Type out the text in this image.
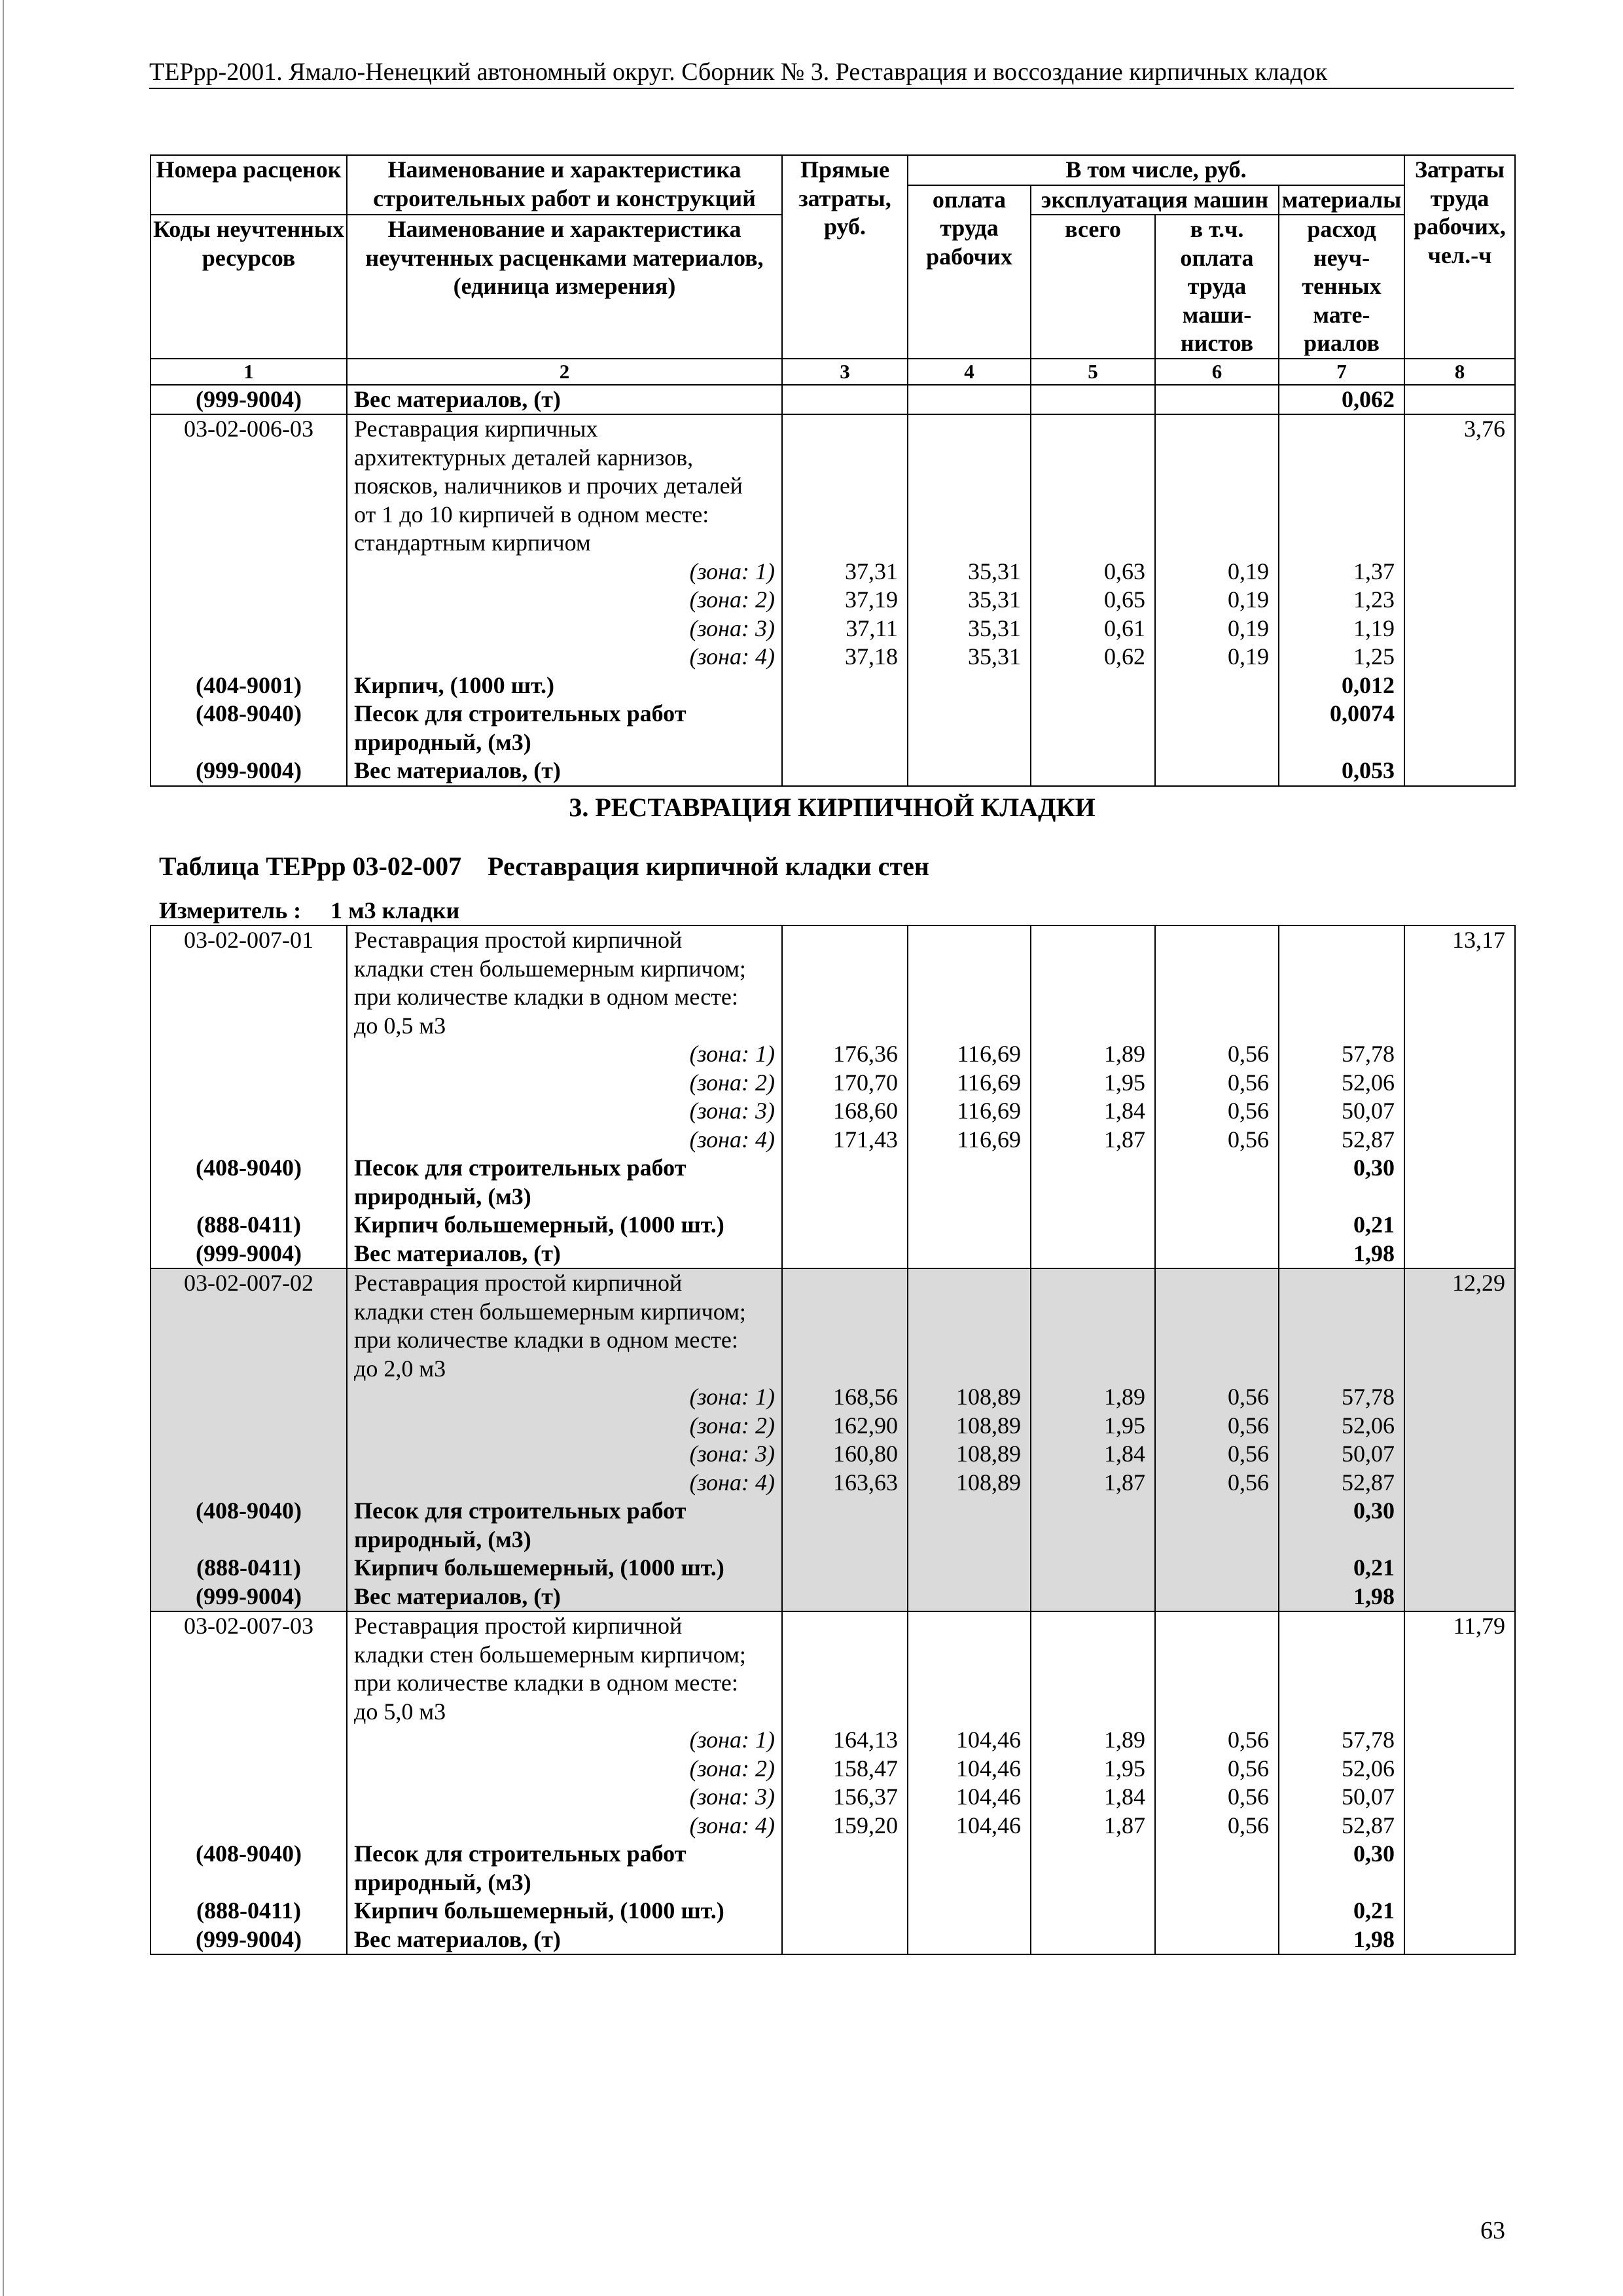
ТЕРрр-2001. Ямало-Ненецкий автономный округ. Сборник № 3. Реставрация и воссоздание кирпичных кладок
Номера расценок	Наименование и характеристика строительных работ и конструкций	Прямые затраты, руб.	В том числе, руб.				Затраты труда рабочих, чел.-ч
			оплата труда рабочих	эксплуатация машин		материалы	
Коды неучтенных ресурсов	Наименование и характеристика неучтенных расценками материалов, (единица измерения)			всего	в т.ч. оплата труда маши- нистов	расход неуч- тенных мате- риалов	
1	2	3	4	5	6	7	8
(999-9004)	Вес материалов, (т)					0,062	
03-02-006-03	Реставрация кирпичных						3,76
	архитектурных деталей карнизов,						
	поясков, наличников и прочих деталей						
	от 1 до 10 кирпичей в одном месте:						
	стандартным кирпичом						
	(зона: 1)	37,31	35,31	0,63	0,19	1,37	
	(зона: 2)	37,19	35,31	0,65	0,19	1,23	
	(зона: 3)	37,11	35,31	0,61	0,19	1,19	
	(зона: 4)	37,18	35,31	0,62	0,19	1,25	
(404-9001)	Кирпич, (1000 шт.)					0,012	
(408-9040)	Песок для строительных работ					0,0074	
	природный, (м3)						
(999-9004)	Вес материалов, (т)					0,053	
3. РЕСТАВРАЦИЯ КИРПИЧНОЙ КЛАДКИ
Таблица ТЕРрр 03-02-007    Реставрация кирпичной кладки стен
Измеритель :     1 м3 кладки
03-02-007-01	Реставрация простой кирпичной						13,17
	кладки стен большемерным кирпичом;						
	при количестве кладки в одном месте:						
	до 0,5 м3						
	(зона: 1)	176,36	116,69	1,89	0,56	57,78	
	(зона: 2)	170,70	116,69	1,95	0,56	52,06	
	(зона: 3)	168,60	116,69	1,84	0,56	50,07	
	(зона: 4)	171,43	116,69	1,87	0,56	52,87	
(408-9040)	Песок для строительных работ					0,30	
	природный, (м3)						
(888-0411)	Кирпич большемерный, (1000 шт.)					0,21	
(999-9004)	Вес материалов, (т)					1,98	
03-02-007-02	Реставрация простой кирпичной						12,29
	кладки стен большемерным кирпичом;						
	при количестве кладки в одном месте:						
	до 2,0 м3						
	(зона: 1)	168,56	108,89	1,89	0,56	57,78	
	(зона: 2)	162,90	108,89	1,95	0,56	52,06	
	(зона: 3)	160,80	108,89	1,84	0,56	50,07	
	(зона: 4)	163,63	108,89	1,87	0,56	52,87	
(408-9040)	Песок для строительных работ					0,30	
	природный, (м3)						
(888-0411)	Кирпич большемерный, (1000 шт.)					0,21	
(999-9004)	Вес материалов, (т)					1,98	
03-02-007-03	Реставрация простой кирпичной						11,79
	кладки стен большемерным кирпичом;						
	при количестве кладки в одном месте:						
	до 5,0 м3						
	(зона: 1)	164,13	104,46	1,89	0,56	57,78	
	(зона: 2)	158,47	104,46	1,95	0,56	52,06	
	(зона: 3)	156,37	104,46	1,84	0,56	50,07	
	(зона: 4)	159,20	104,46	1,87	0,56	52,87	
(408-9040)	Песок для строительных работ					0,30	
	природный, (м3)						
(888-0411)	Кирпич большемерный, (1000 шт.)					0,21	
(999-9004)	Вес материалов, (т)					1,98	
63
